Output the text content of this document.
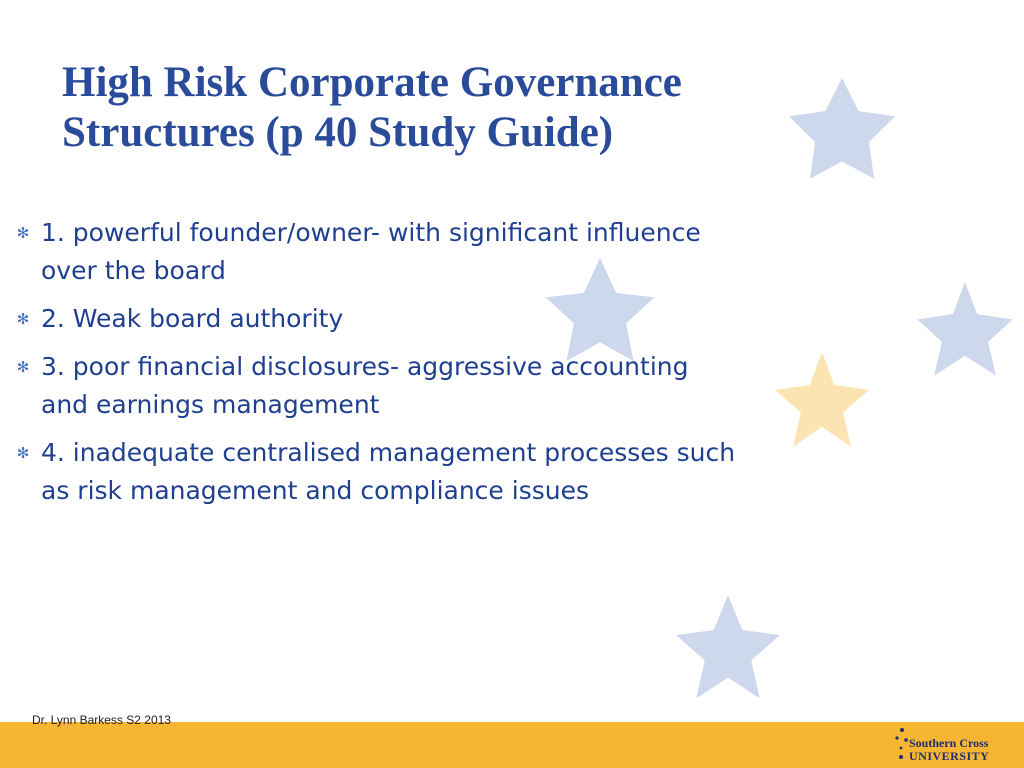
High Risk Corporate Governance
Structures (p 40 Study Guide)
✻ 1. powerful founder/owner- with significant influence
over the board
✻ 2. Weak board authority
✻ 3. poor financial disclosures- aggressive accounting
and earnings management
✻ 4. inadequate centralised management processes such
as risk management and compliance issues
Dr. Lynn Barkess S2 2013
Southern Cross
UNIVERSITY
